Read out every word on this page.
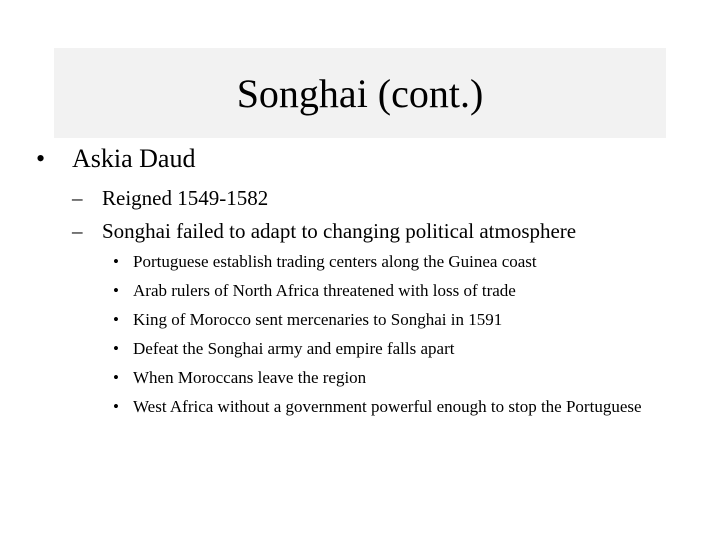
Songhai (cont.)
• Askia Daud
– Reigned 1549-1582
– Songhai failed to adapt to changing political atmosphere
• Portuguese establish trading centers along the Guinea coast
• Arab rulers of North Africa threatened with loss of trade
• King of Morocco sent mercenaries to Songhai in 1591
• Defeat the Songhai army and empire falls apart
• When Moroccans leave the region
• West Africa without a government powerful enough to stop the Portuguese
